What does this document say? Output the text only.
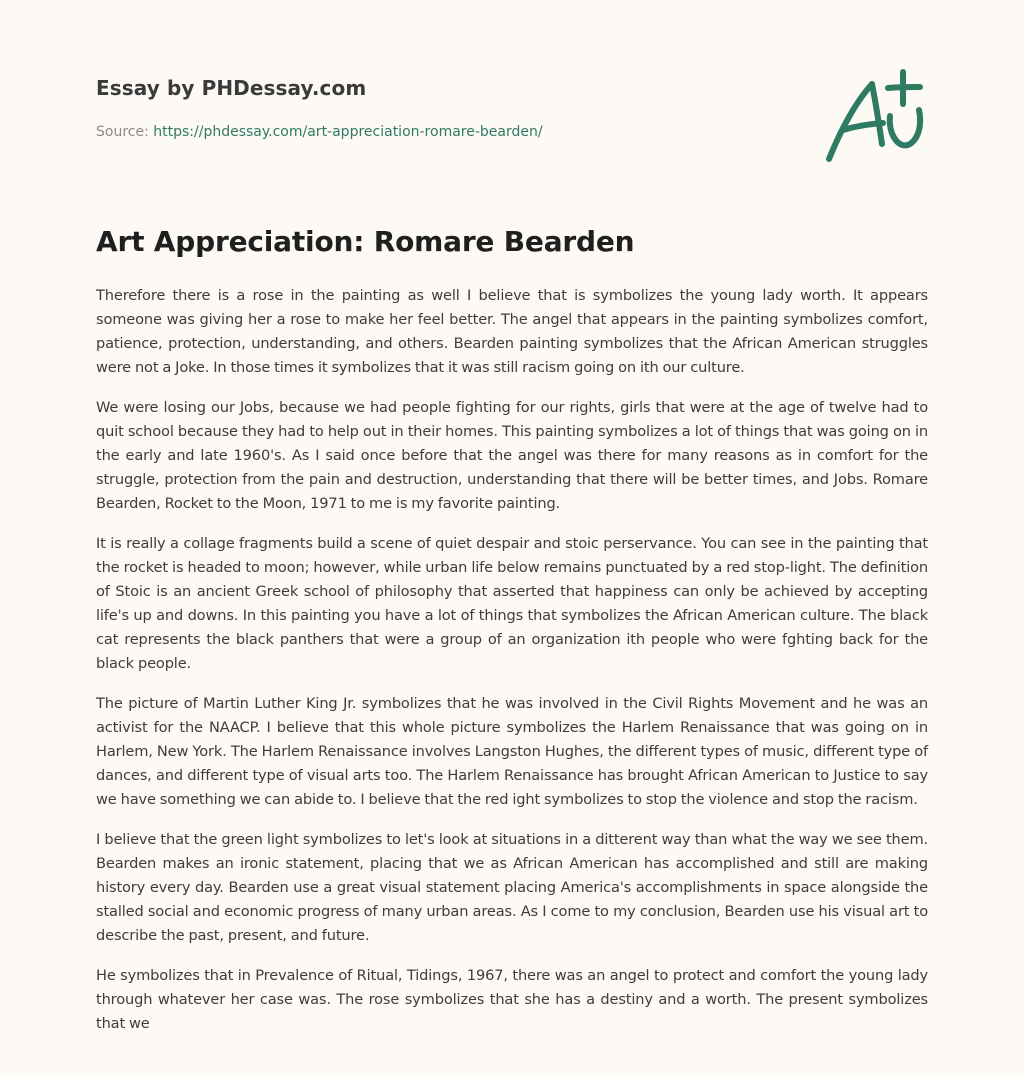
Essay by PHDessay.com
Source: https://phdessay.com/art-appreciation-romare-bearden/
Art Appreciation: Romare Bearden

Therefore there is a rose in the painting as well I believe that is symbolizes the young lady worth. It appears someone was giving her a rose to make her feel better. The angel that appears in the painting symbolizes comfort, patience, protection, understanding, and others. Bearden painting symbolizes that the African American struggles were not a Joke. In those times it symbolizes that it was still racism going on ith our culture.

We were losing our Jobs, because we had people fighting for our rights, girls that were at the age of twelve had to quit school because they had to help out in their homes. This painting symbolizes a lot of things that was going on in the early and late 1960's. As I said once before that the angel was there for many reasons as in comfort for the struggle, protection from the pain and destruction, understanding that there will be better times, and Jobs. Romare Bearden, Rocket to the Moon, 1971 to me is my favorite painting.

It is really a collage fragments build a scene of quiet despair and stoic perservance. You can see in the painting that the rocket is headed to moon; however, while urban life below remains punctuated by a red stop-light. The definition of Stoic is an ancient Greek school of philosophy that asserted that happiness can only be achieved by accepting life's up and downs. In this painting you have a lot of things that symbolizes the African American culture. The black cat represents the black panthers that were a group of an organization ith people who were fghting back for the black people.

The picture of Martin Luther King Jr. symbolizes that he was involved in the Civil Rights Movement and he was an activist for the NAACP. I believe that this whole picture symbolizes the Harlem Renaissance that was going on in Harlem, New York. The Harlem Renaissance involves Langston Hughes, the different types of music, different type of dances, and different type of visual arts too. The Harlem Renaissance has brought African American to Justice to say we have something we can abide to. I believe that the red ight symbolizes to stop the violence and stop the racism.

I believe that the green light symbolizes to let's look at situations in a ditterent way than what the way we see them. Bearden makes an ironic statement, placing that we as African American has accomplished and still are making history every day. Bearden use a great visual statement placing America's accomplishments in space alongside the stalled social and economic progress of many urban areas. As I come to my conclusion, Bearden use his visual art to describe the past, present, and future.

He symbolizes that in Prevalence of Ritual, Tidings, 1967, there was an angel to protect and comfort the young lady through whatever her case was. The rose symbolizes that she has a destiny and a worth. The present symbolizes that we
